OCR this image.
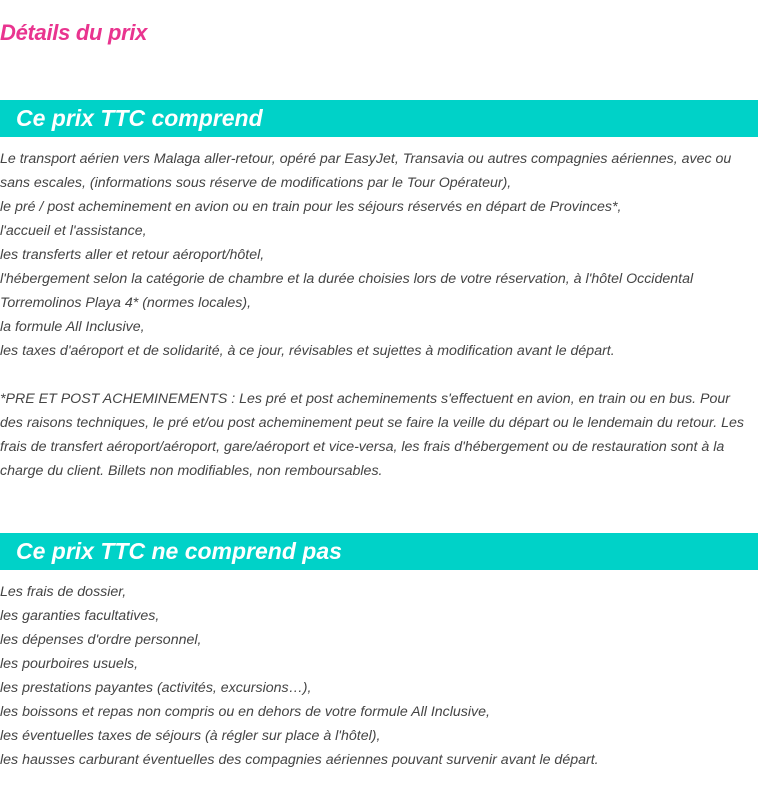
Détails du prix
Ce prix TTC comprend
Le transport aérien vers Malaga aller-retour, opéré par EasyJet, Transavia ou autres compagnies aériennes, avec ou sans escales, (informations sous réserve de modifications par le Tour Opérateur),
le pré / post acheminement en avion ou en train pour les séjours réservés en départ de Provinces*,
l'accueil et l'assistance,
les transferts aller et retour aéroport/hôtel,
l'hébergement selon la catégorie de chambre et la durée choisies lors de votre réservation, à l'hôtel Occidental Torremolinos Playa 4* (normes locales),
la formule All Inclusive,
les taxes d'aéroport et de solidarité, à ce jour, révisables et sujettes à modification avant le départ.
*PRE ET POST ACHEMINEMENTS : Les pré et post acheminements s'effectuent en avion, en train ou en bus. Pour des raisons techniques, le pré et/ou post acheminement peut se faire la veille du départ ou le lendemain du retour. Les frais de transfert aéroport/aéroport, gare/aéroport et vice-versa, les frais d'hébergement ou de restauration sont à la charge du client. Billets non modifiables, non remboursables.
Ce prix TTC ne comprend pas
Les frais de dossier,
les garanties facultatives,
les dépenses d'ordre personnel,
les pourboires usuels,
les prestations payantes (activités, excursions…),
les boissons et repas non compris ou en dehors de votre formule All Inclusive,
les éventuelles taxes de séjours (à régler sur place à l'hôtel),
les hausses carburant éventuelles des compagnies aériennes pouvant survenir avant le départ.
